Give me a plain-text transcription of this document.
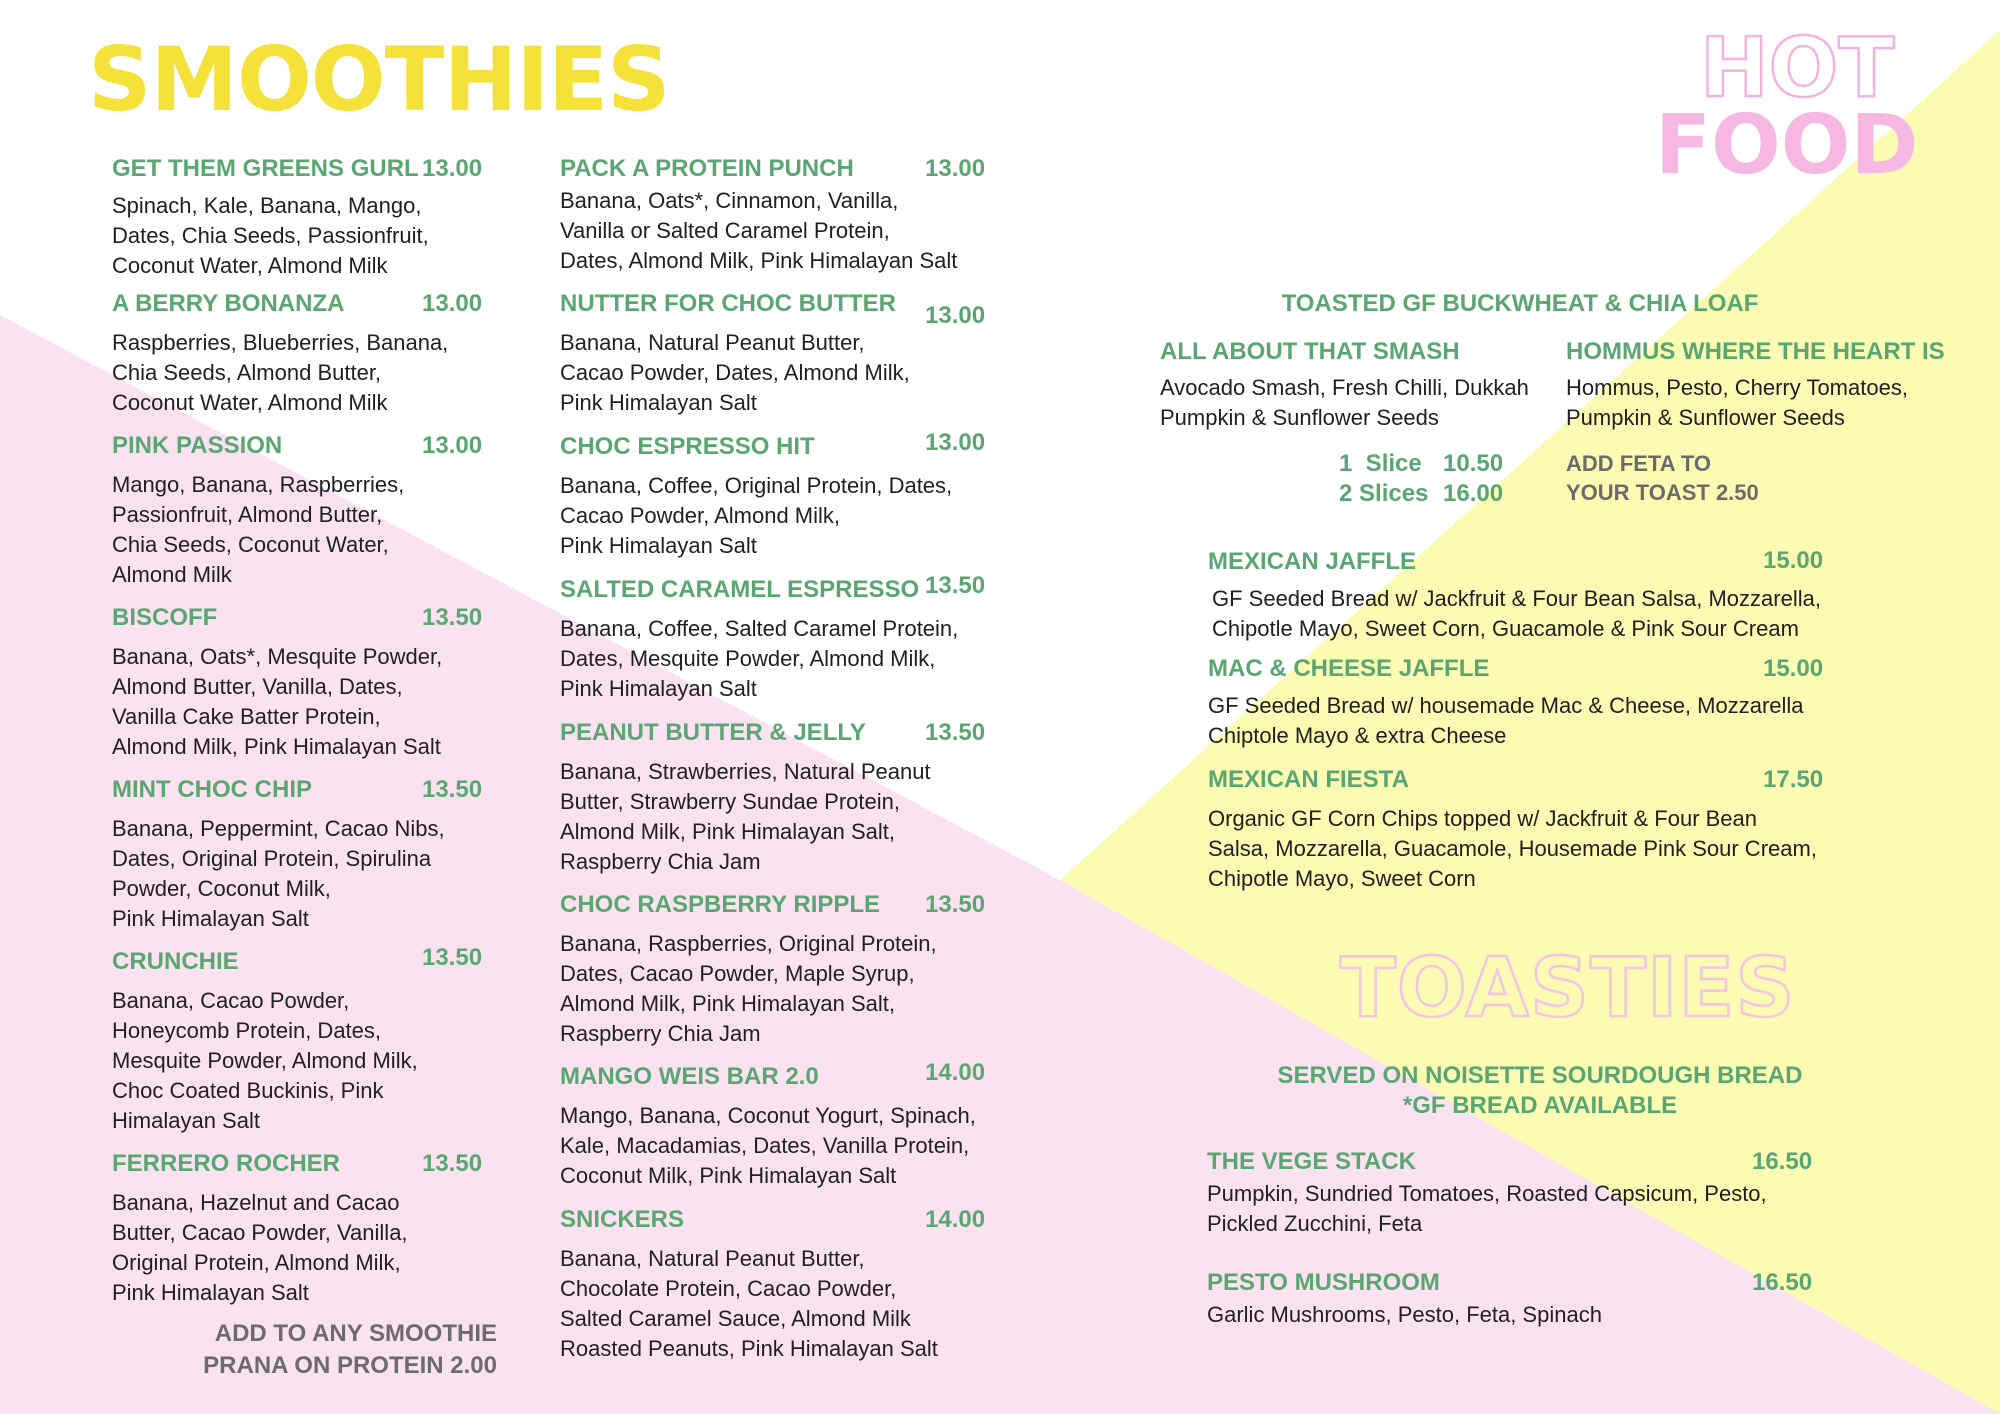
SMOOTHIES	HOT
FOOD
TOASTIES
GET THEM GREENS GURL 13.00
Spinach, Kale, Banana, Mango,
Dates, Chia Seeds, Passionfruit,
Coconut Water, Almond Milk
A BERRY BONANZA	13.00
Raspberries, Blueberries, Banana,
Chia Seeds, Almond Butter,
Coconut Water, Almond Milk
PINK PASSION	13.00
Mango, Banana, Raspberries,
Passionfruit, Almond Butter,
Chia Seeds, Coconut Water,
Almond Milk
BISCOFF	13.50
Banana, Oats*, Mesquite Powder,
Almond Butter, Vanilla, Dates,
Vanilla Cake Batter Protein,
Almond Milk, Pink Himalayan Salt
MINT CHOC CHIP	13.50
Banana, Peppermint, Cacao Nibs,
Dates, Original Protein, Spirulina
Powder, Coconut Milk,
Pink Himalayan Salt
CRUNCHIE	13.50
Banana, Cacao Powder,
Honeycomb Protein, Dates,
Mesquite Powder, Almond Milk,
Choc Coated Buckinis, Pink
Himalayan Salt
FERRERO ROCHER	13.50
Banana, Hazelnut and Cacao
Butter, Cacao Powder, Vanilla,
Original Protein, Almond Milk,
Pink Himalayan Salt
ADD TO ANY SMOOTHIE
PRANA ON PROTEIN 2.00
PACK A PROTEIN PUNCH	13.00
Banana, Oats*, Cinnamon, Vanilla,
Vanilla or Salted Caramel Protein,
Dates, Almond Milk, Pink Himalayan Salt
NUTTER FOR CHOC BUTTER 13.00
Banana, Natural Peanut Butter,
Cacao Powder, Dates, Almond Milk,
Pink Himalayan Salt
CHOC ESPRESSO HIT	13.00
Banana, Coffee, Original Protein, Dates,
Cacao Powder, Almond Milk,
Pink Himalayan Salt
SALTED CARAMEL ESPRESSO 13.50
Banana, Coffee, Salted Caramel Protein,
Dates, Mesquite Powder, Almond Milk,
Pink Himalayan Salt
PEANUT BUTTER & JELLY 13.50
Banana, Strawberries, Natural Peanut
Butter, Strawberry Sundae Protein,
Almond Milk, Pink Himalayan Salt,
Raspberry Chia Jam
CHOC RASPBERRY RIPPLE 13.50
Banana, Raspberries, Original Protein,
Dates, Cacao Powder, Maple Syrup,
Almond Milk, Pink Himalayan Salt,
Raspberry Chia Jam
MANGO WEIS BAR 2.0	14.00
Mango, Banana, Coconut Yogurt, Spinach,
Kale, Macadamias, Dates, Vanilla Protein,
Coconut Milk, Pink Himalayan Salt
SNICKERS	14.00
Banana, Natural Peanut Butter,
Chocolate Protein, Cacao Powder,
Salted Caramel Sauce, Almond Milk
Roasted Peanuts, Pink Himalayan Salt
TOASTED GF BUCKWHEAT & CHIA LOAF
ALL ABOUT THAT SMASH
Avocado Smash, Fresh Chilli, Dukkah
Pumpkin & Sunflower Seeds
HOMMUS WHERE THE HEART IS
Hommus, Pesto, Cherry Tomatoes,
Pumpkin & Sunflower Seeds
1  Slice 10.50
2 Slices 16.00
ADD FETA TO
YOUR TOAST 2.50
MEXICAN JAFFLE	15.00
GF Seeded Bread w/ Jackfruit & Four Bean Salsa, Mozzarella,
Chipotle Mayo, Sweet Corn, Guacamole & Pink Sour Cream
MAC & CHEESE JAFFLE	15.00
GF Seeded Bread w/ housemade Mac & Cheese, Mozzarella
Chiptole Mayo & extra Cheese
MEXICAN FIESTA	17.50
Organic GF Corn Chips topped w/ Jackfruit & Four Bean
Salsa, Mozzarella, Guacamole, Housemade Pink Sour Cream,
Chipotle Mayo, Sweet Corn
SERVED ON NOISETTE SOURDOUGH BREAD
*GF BREAD AVAILABLE
THE VEGE STACK	16.50
Pumpkin, Sundried Tomatoes, Roasted Capsicum, Pesto,
Pickled Zucchini, Feta
PESTO MUSHROOM	16.50
Garlic Mushrooms, Pesto, Feta, Spinach
